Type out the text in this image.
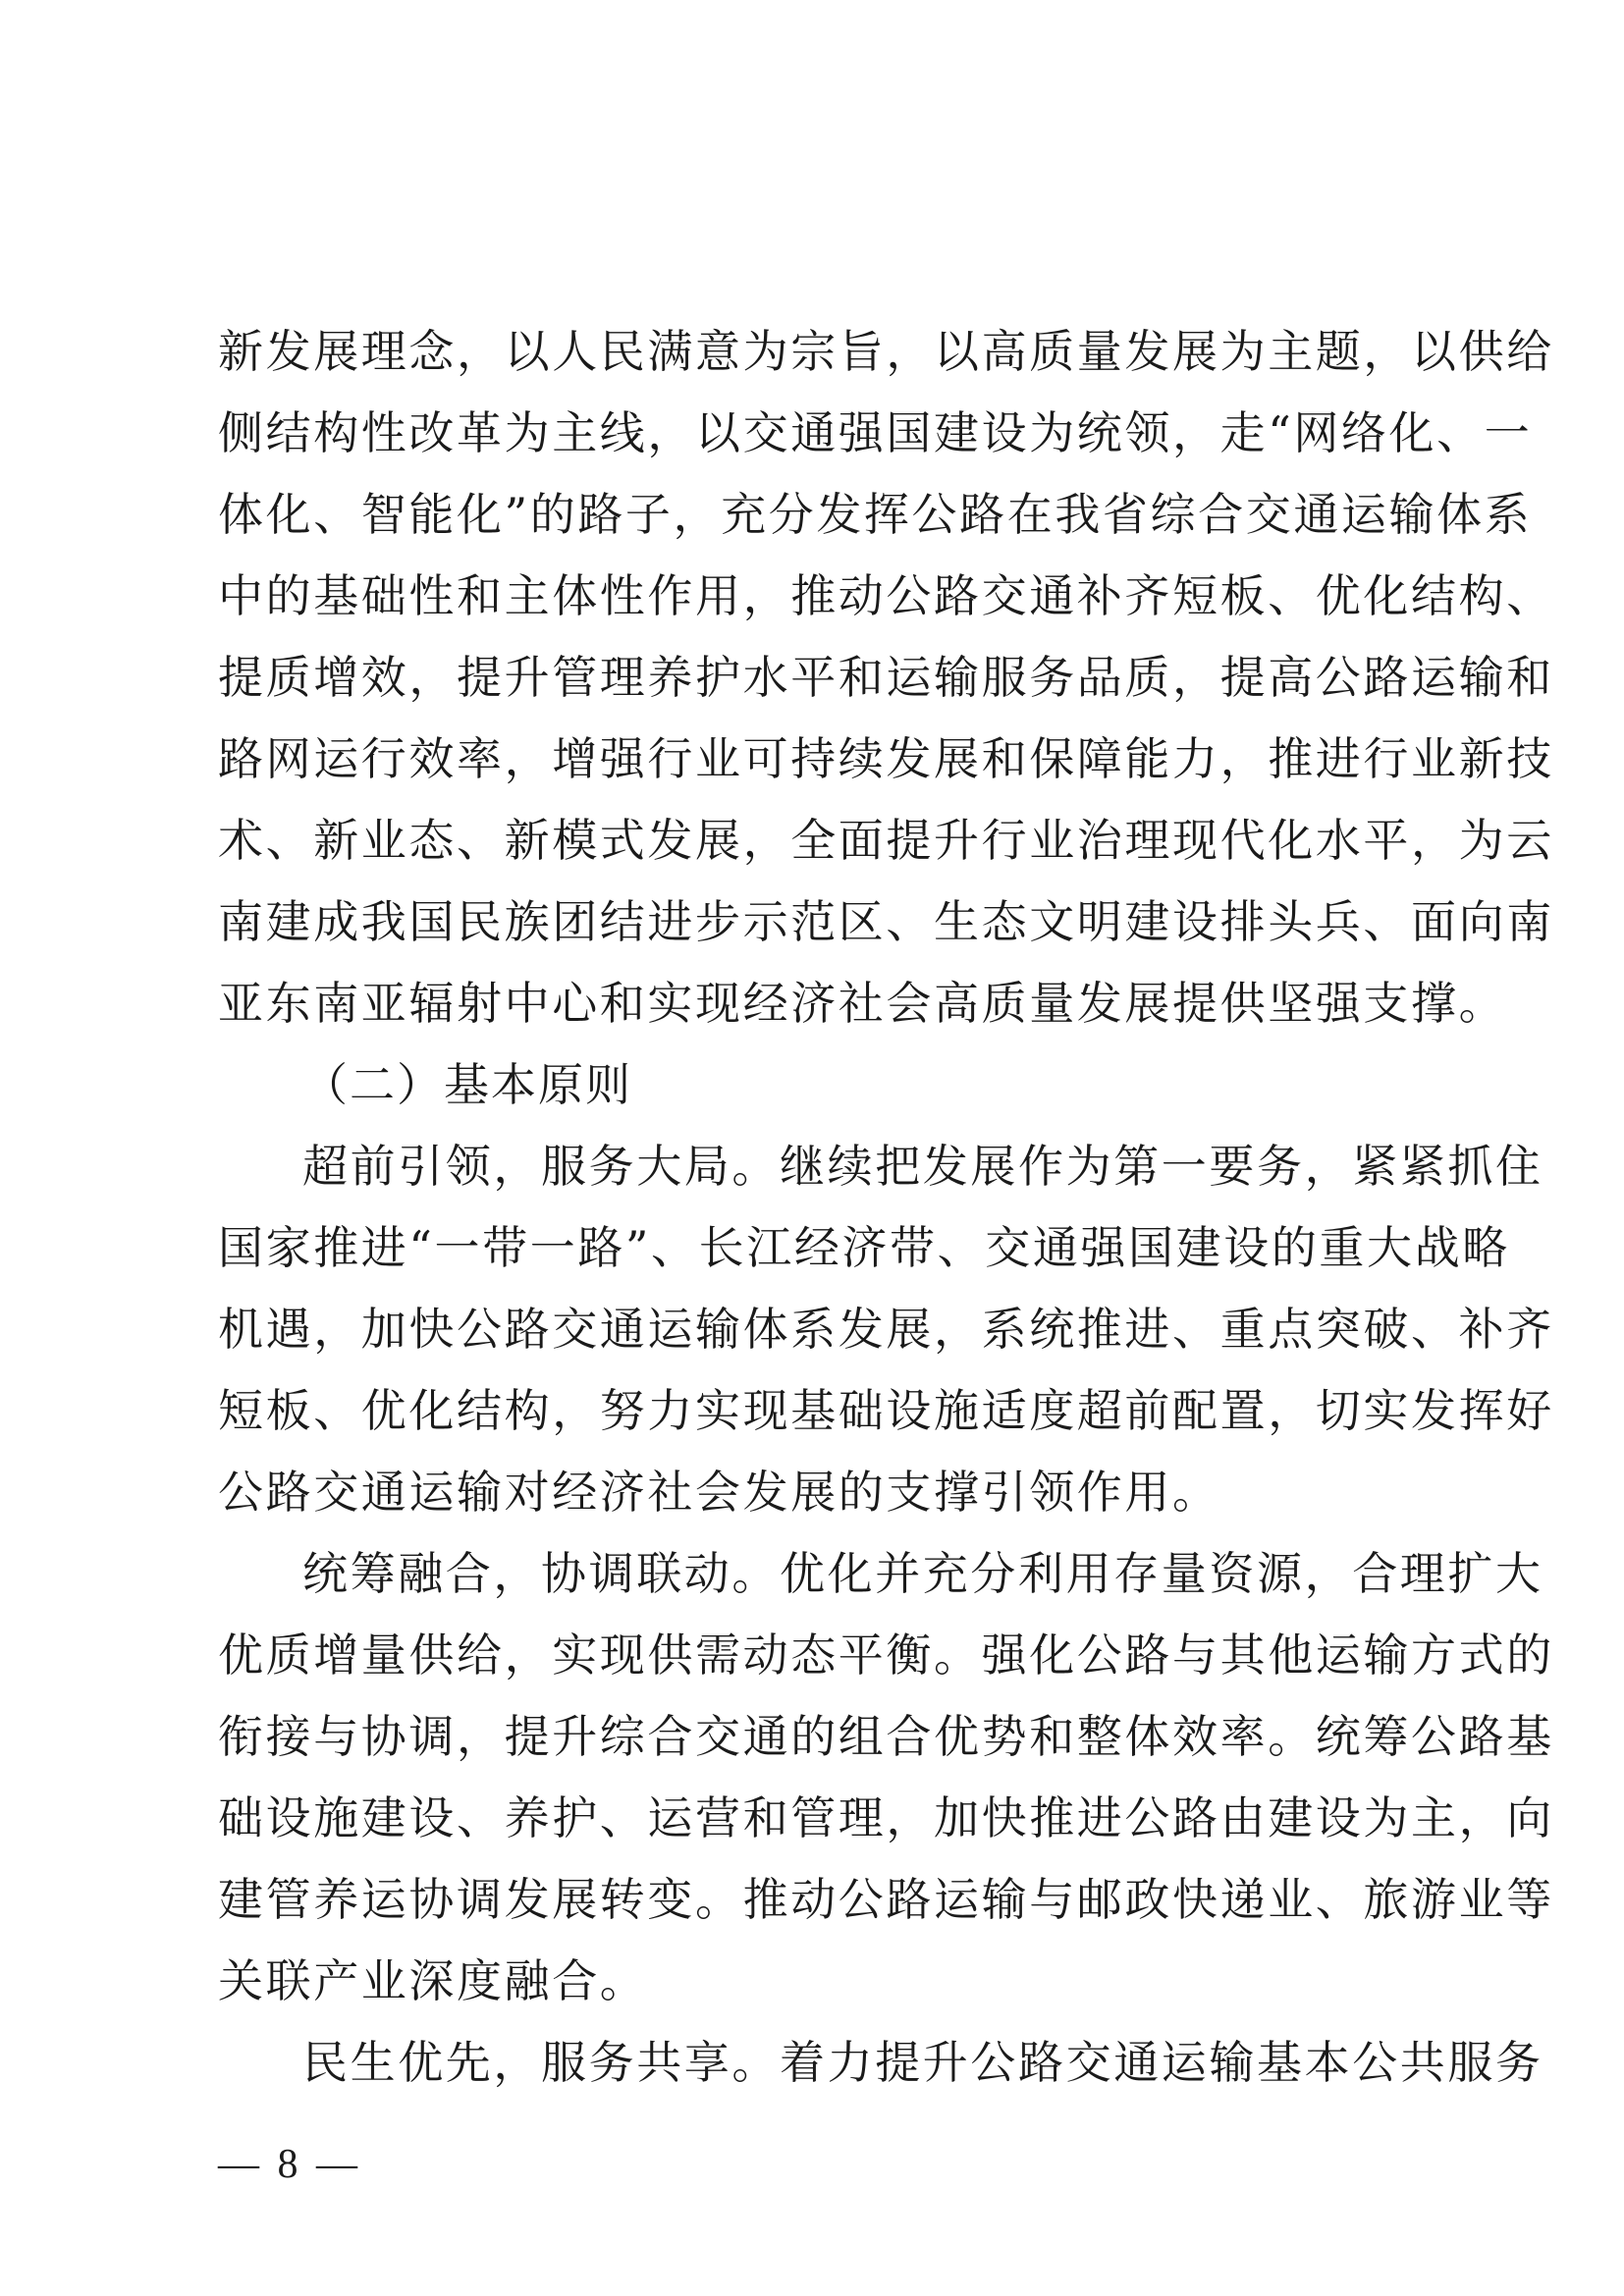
新发展理念，以人民满意为宗旨，以高质量发展为主题，以供给
侧结构性改革为主线，以交通强国建设为统领，走“网络化、一
体化、智能化”的路子，充分发挥公路在我省综合交通运输体系
中的基础性和主体性作用，推动公路交通补齐短板、优化结构、
提质增效，提升管理养护水平和运输服务品质，提高公路运输和
路网运行效率，增强行业可持续发展和保障能力，推进行业新技
术、新业态、新模式发展，全面提升行业治理现代化水平，为云
南建成我国民族团结进步示范区、生态文明建设排头兵、面向南
亚东南亚辐射中心和实现经济社会高质量发展提供坚强支撑。
（二）基本原则
超前引领，服务大局。继续把发展作为第一要务，紧紧抓住
国家推进“一带一路”、长江经济带、交通强国建设的重大战略
机遇，加快公路交通运输体系发展，系统推进、重点突破、补齐
短板、优化结构，努力实现基础设施适度超前配置，切实发挥好
公路交通运输对经济社会发展的支撑引领作用。
统筹融合，协调联动。优化并充分利用存量资源，合理扩大
优质增量供给，实现供需动态平衡。强化公路与其他运输方式的
衔接与协调，提升综合交通的组合优势和整体效率。统筹公路基
础设施建设、养护、运营和管理，加快推进公路由建设为主，向
建管养运协调发展转变。推动公路运输与邮政快递业、旅游业等
关联产业深度融合。
民生优先，服务共享。着力提升公路交通运输基本公共服务
— 8 —
